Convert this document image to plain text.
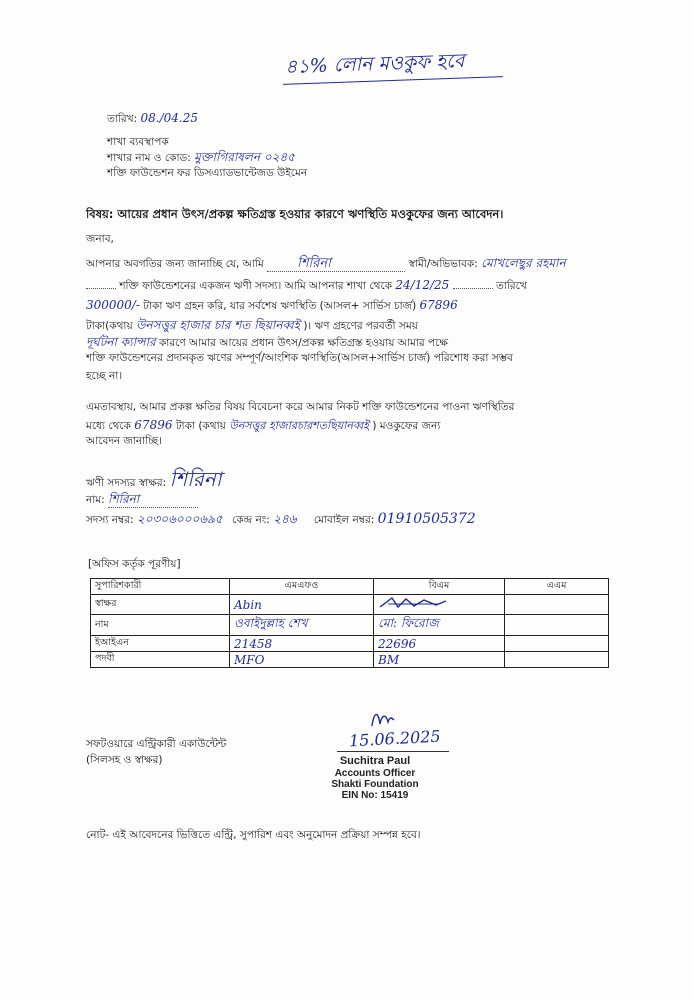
৪১% লোন মওকুফ হবে
তারিখ: 08./04.25
শাখা ব্যবস্থাপক
শাখার নাম ও কোড: মুক্তাগিরাষলন ০২৪৫
শক্তি ফাউন্ডেশন ফর ডিসএ্যাডভান্টেজড উইমেন
বিষয়: আয়ের প্রধান উৎস/প্রকল্প ক্ষতিগ্রস্ত হওয়ার কারণে ঋণস্থিতি মওকুফের জন্য আবেদন।
জনাব,
আপনার অবগতির জন্য জানাচ্ছি যে, আমি	শিরিনা	স্বামী/অভিভাবক: মোখলেছুর রহমান
শক্তি ফাউন্ডেশনের একজন ঋণী সদস্য। আমি আপনার শাখা থেকে 24/12/25	তারিখে
300000/- টাকা ঋণ গ্রহন করি, যার সর্বশেষ ঋণস্থিতি (আসল+ সার্ভিস চার্জ) 67896
টাকা(কথায় উনসত্তুর হাজার চার শত ছিয়ানব্বই )। ঋণ গ্রহণের পরবর্তী সময়
দূর্ঘটনা ক্যান্সার কারণে আমার আয়ের প্রধান উৎস/প্রকল্প ক্ষতিগ্রস্ত হওয়ায় আমার পক্ষে
শক্তি ফাউন্ডেশনের প্রদানকৃত ঋণের সম্পূর্ণ/আংশিক ঋণস্থিতি(আসল+সার্ভিস চার্জ) পরিশোধ করা সম্ভব
হচ্ছে না।
এমতাবস্থায়, আমার প্রকল্প ক্ষতির বিষয় বিবেচনা করে আমার নিকট শক্তি ফাউন্ডেশনের পাওনা ঋণস্থিতির
মধ্যে থেকে 67896 টাকা (কথায় উনসত্তুর হাজারচারশতছিয়ানব্বই ) মওকুফের জন্য
আবেদন জানাচ্ছি।
ঋণী সদস্যর স্বাক্ষর: শিরিনা
নাম: শিরিনা
সদস্য নম্বর: ২০৩০৬০০০৬৯৫ কেন্দ্র নং: ২৪৬ মোবাইল নম্বর: 01910505372
[অফিস কর্তৃক পূরণীয়]
সুপারিশকারী	এমএফও	বিএম	এএম
স্বাক্ষর	Abin		
নাম	ওবাইদুল্লাহ শেখ	মো: ফিরোজ	
ইআইএন	21458	22696	
পদবী	MFO	BM	
সফটওয়ারে এন্ট্রিকারী একাউন্টেন্ট
(সিলসহ ও স্বাক্ষর)
15.06.2025
Suchitra Paul
Accounts Officer
Shakti Foundation
EIN No: 15419
নোট- এই আবেদনের ভিত্তিতে এন্ট্রি, সুপারিশ এবং অনুমোদন প্রক্রিয়া সম্পন্ন হবে।
